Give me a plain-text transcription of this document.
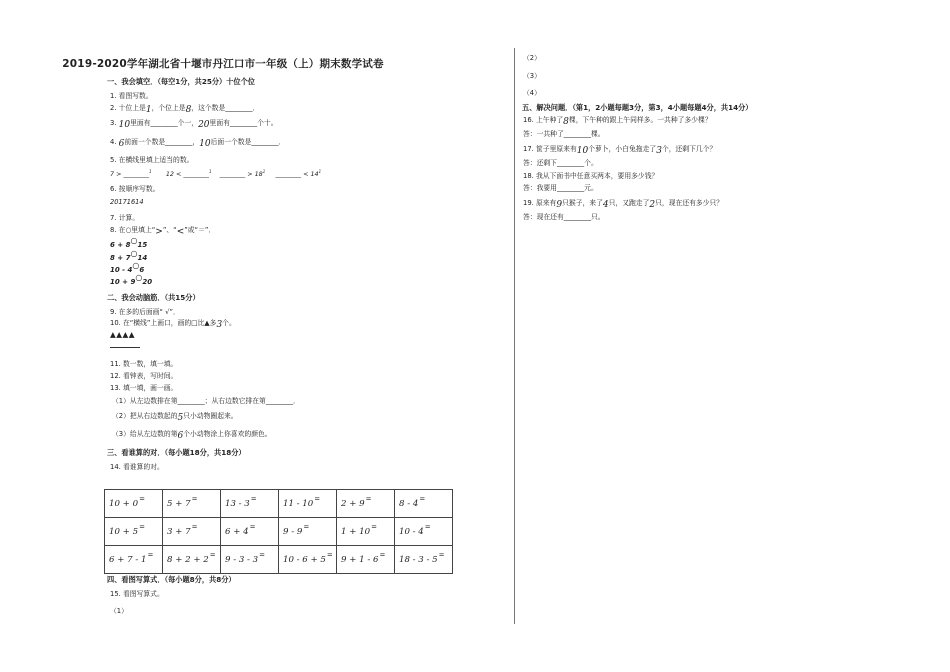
2019-2020学年湖北省十堰市丹江口市一年级（上）期末数学试卷
一、我会填空．（每空1分，共25分）十位个位
1. 看图写数。
2. 十位上是1，个位上是8，这个数是________．
3. 10里面有________个一，20里面有________个十。
4. 6前面一个数是________，10后面一个数是________．
5. 在横线里填上适当的数。
7 > ________$^1$ 12 < ________$^1$ ________ > $18^1$ ________ < $14^1$
6. 按顺序写数。
20171614
7. 计算。
8. 在○里填上“>”、“<”或“＝”．
6 + 8○15
8 + 7○14
10 - 4○6
10 + 9○20
二、我会动脑筋．（共15分）
9. 在多的后面画“ √”．
10. 在“横线”上画口，画的□比▲多3个。
▲▲▲▲
11. 数一数，填一填。
12. 看钟表，写时间。
13. 填一填，画一画。
（1）从左边数排在第________；从右边数它排在第________．
（2）把从右边数起的5只小动物圈起来。
（3）给从左边数的第6个小动物涂上你喜欢的颜色。
三、看谁算的对．（每小题18分，共18分）
14. 看谁算的对。
10 + 0=	5 + 7=	13 - 3=	11 - 10=	2 + 9=	8 - 4=
10 + 5=	3 + 7=	6 + 4=	9 - 9=	1 + 10=	10 - 4=
6 + 7 - 1=	8 + 2 + 2=	9 - 3 - 3=	10 - 6 + 5=	9 + 1 - 6=	18 - 3 - 5=
四、看图写算式．（每小题8分，共8分）
15. 看图写算式。
（1）
（2）
（3）
（4）
五、解决问题．（第1，2小题每题3分，第3，4小题每题4分，共14分）
16. 上午种了8棵，下午种的跟上午同样多。一共种了多少棵？
答：一共种了________棵。
17. 筐子里原来有10个萝卜，小白兔拖走了3个，还剩下几个？
答：还剩下________个。
18. 我从下面书中任意买两本，要用多少钱？
答：我要用________元。
19. 原来有9只猴子，来了4只，又跑走了2只，现在还有多少只？
答：现在还有________只。
